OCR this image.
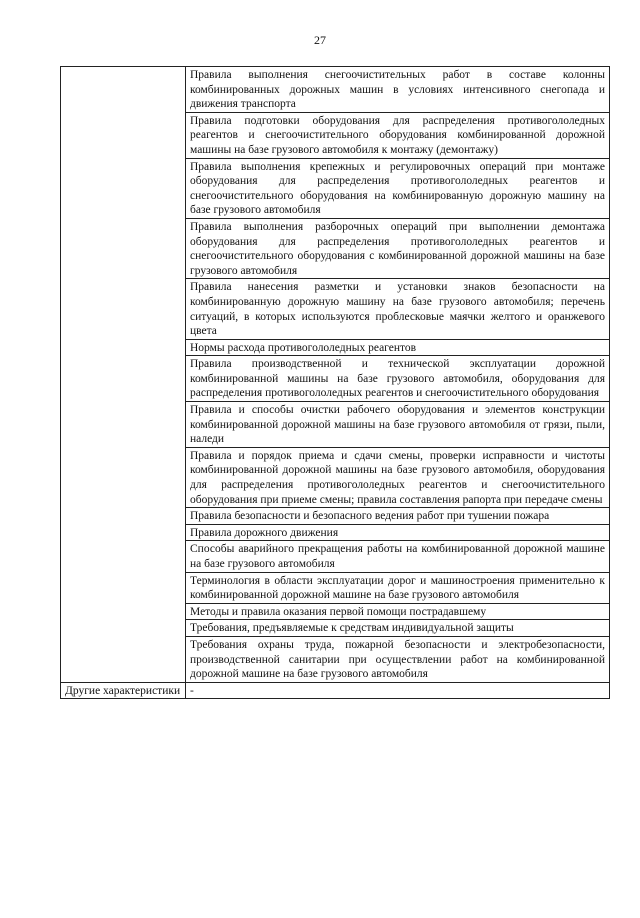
27
	Правила выполнения снегоочистительных работ в составе колонны комбинированных дорожных машин в условиях интенсивного снегопада и движения транспорта
	Правила подготовки оборудования для распределения противогололедных реагентов и снегоочистительного оборудования комбинированной дорожной машины на базе грузового автомобиля к монтажу (демонтажу)
	Правила выполнения крепежных и регулировочных операций при монтаже оборудования для распределения противогололедных реагентов и снегоочистительного оборудования на комбинированную дорожную машину на базе грузового автомобиля
	Правила выполнения разборочных операций при выполнении демонтажа оборудования для распределения противогололедных реагентов и снегоочистительного оборудования с комбинированной дорожной машины на базе грузового автомобиля
	Правила нанесения разметки и установки знаков безопасности на комбинированную дорожную машину на базе грузового автомобиля; перечень ситуаций, в которых используются проблесковые маячки желтого и оранжевого цвета
	Нормы расхода противогололедных реагентов
	Правила производственной и технической эксплуатации дорожной комбинированной машины на базе грузового автомобиля, оборудования для распределения противогололедных реагентов и снегоочистительного оборудования
	Правила и способы очистки рабочего оборудования и элементов конструкции комбинированной дорожной машины на базе грузового автомобиля от грязи, пыли, наледи
	Правила и порядок приема и сдачи смены, проверки исправности и чистоты комбинированной дорожной машины на базе грузового автомобиля, оборудования для распределения противогололедных реагентов и снегоочистительного оборудования при приеме смены; правила составления рапорта при передаче смены
	Правила безопасности и безопасного ведения работ при тушении пожара
	Правила дорожного движения
	Способы аварийного прекращения работы на комбинированной дорожной машине на базе грузового автомобиля
	Терминология в области эксплуатации дорог и машиностроения применительно к комбинированной дорожной машине на базе грузового автомобиля
	Методы и правила оказания первой помощи пострадавшему
	Требования, предъявляемые к средствам индивидуальной защиты
	Требования охраны труда, пожарной безопасности и электробезопасности, производственной санитарии при осуществлении работ на комбинированной дорожной машине на базе грузового автомобиля
Другие характеристики	-
